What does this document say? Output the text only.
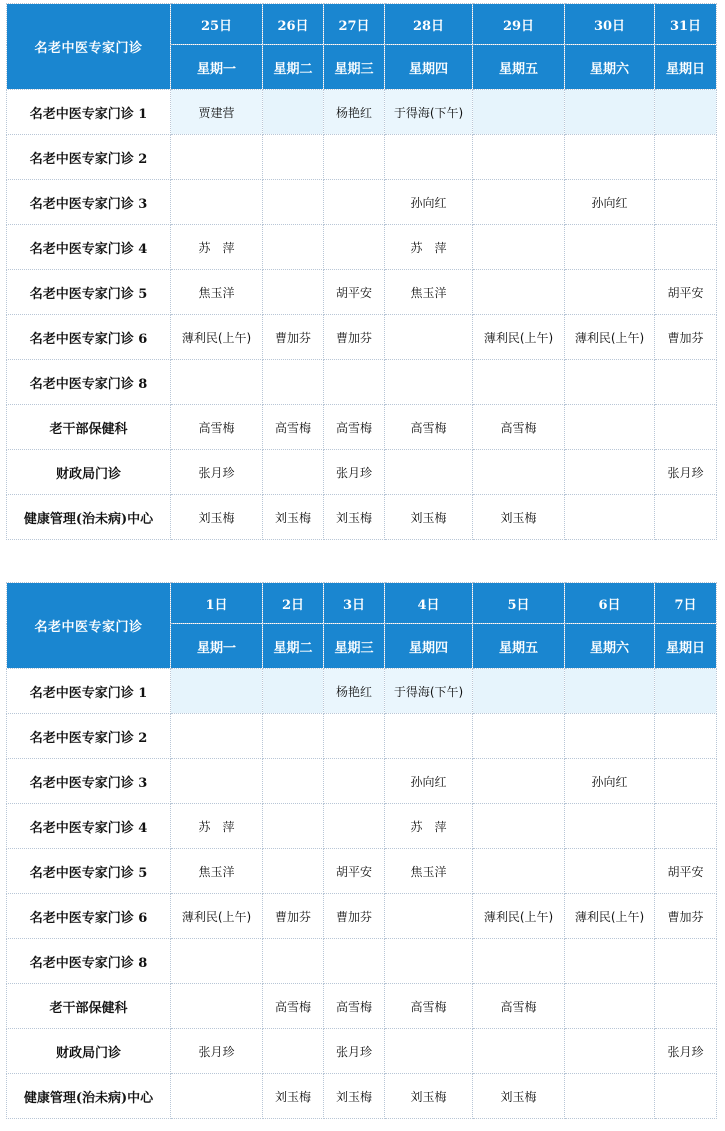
名老中医专家门诊	25日	26日	27日	28日	29日	30日	31日
	星期一	星期二	星期三	星期四	星期五	星期六	星期日
名老中医专家门诊 1	贾建营		杨艳红	于得海(下午)			
名老中医专家门诊 2							
名老中医专家门诊 3				孙向红		孙向红	
名老中医专家门诊 4	苏　萍			苏　萍			
名老中医专家门诊 5	焦玉洋		胡平安	焦玉洋			胡平安
名老中医专家门诊 6	薄利民(上午)	曹加芬	曹加芬		薄利民(上午)	薄利民(上午)	曹加芬
名老中医专家门诊 8							
老干部保健科	高雪梅	高雪梅	高雪梅	高雪梅	高雪梅		
财政局门诊	张月珍		张月珍				张月珍
健康管理(治未病)中心	刘玉梅	刘玉梅	刘玉梅	刘玉梅	刘玉梅		
名老中医专家门诊	1日	2日	3日	4日	5日	6日	7日
	星期一	星期二	星期三	星期四	星期五	星期六	星期日
名老中医专家门诊 1			杨艳红	于得海(下午)			
名老中医专家门诊 2							
名老中医专家门诊 3				孙向红		孙向红	
名老中医专家门诊 4	苏　萍			苏　萍			
名老中医专家门诊 5	焦玉洋		胡平安	焦玉洋			胡平安
名老中医专家门诊 6	薄利民(上午)	曹加芬	曹加芬		薄利民(上午)	薄利民(上午)	曹加芬
名老中医专家门诊 8							
老干部保健科		高雪梅	高雪梅	高雪梅	高雪梅		
财政局门诊	张月珍		张月珍				张月珍
健康管理(治未病)中心		刘玉梅	刘玉梅	刘玉梅	刘玉梅		
